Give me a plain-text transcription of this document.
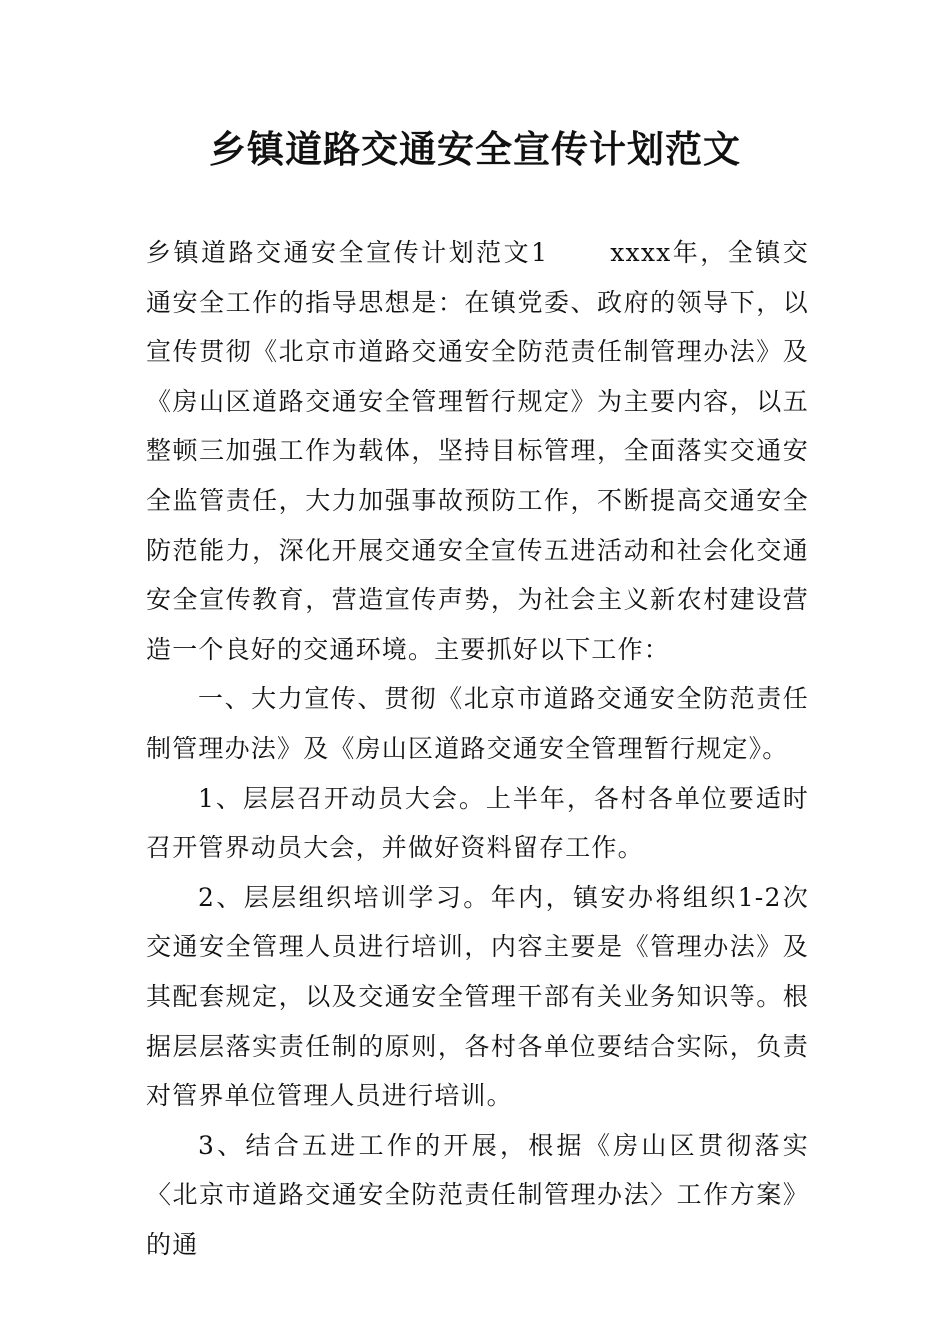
乡镇道路交通安全宣传计划范文

乡镇道路交通安全宣传计划范文1 xxxx年，全镇交通安全工作的指导思想是：在镇党委、政府的领导下，以宣传贯彻《北京市道路交通安全防范责任制管理办法》及《房山区道路交通安全管理暂行规定》为主要内容，以五整顿三加强工作为载体，坚持目标管理，全面落实交通安全监管责任，大力加强事故预防工作，不断提高交通安全防范能力，深化开展交通安全宣传五进活动和社会化交通安全宣传教育，营造宣传声势，为社会主义新农村建设营造一个良好的交通环境。主要抓好以下工作：

一、大力宣传、贯彻《北京市道路交通安全防范责任制管理办法》及《房山区道路交通安全管理暂行规定》。

1、层层召开动员大会。上半年，各村各单位要适时召开管界动员大会，并做好资料留存工作。

2、层层组织培训学习。年内，镇安办将组织1-2次交通安全管理人员进行培训，内容主要是《管理办法》及其配套规定，以及交通安全管理干部有关业务知识等。根据层层落实责任制的原则，各村各单位要结合实际，负责对管界单位管理人员进行培训。

3、结合五进工作的开展，根据《房山区贯彻落实〈北京市道路交通安全防范责任制管理办法〉工作方案》的通
